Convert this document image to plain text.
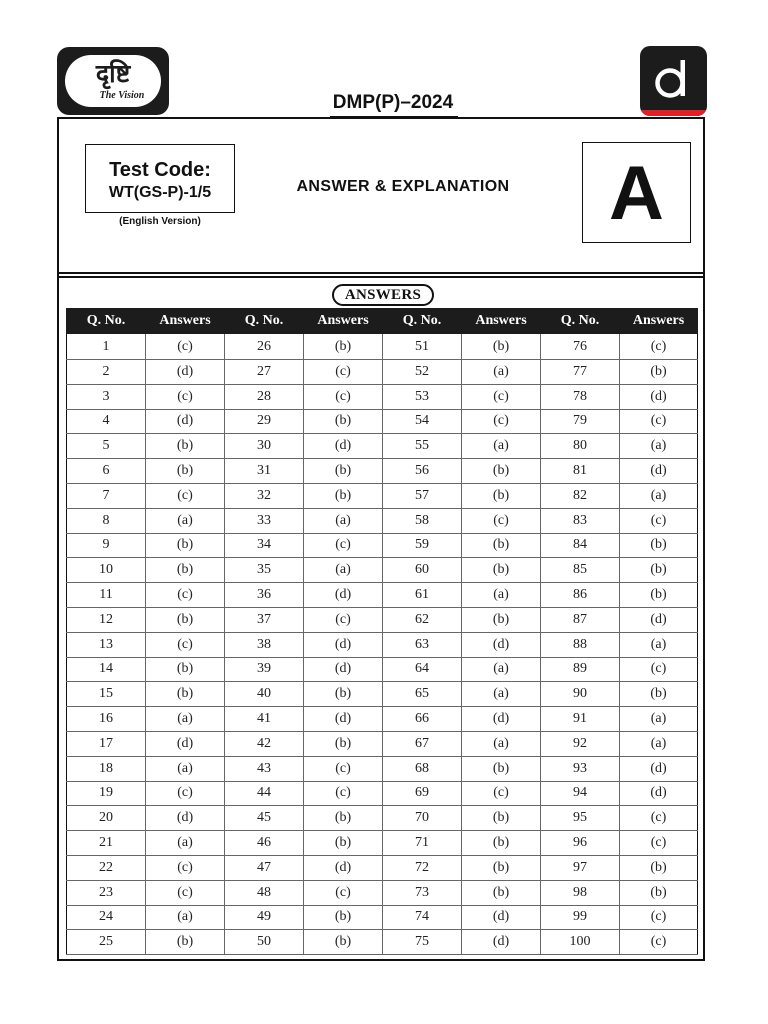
दृष्टि
The Vision	DMP(P)–2024
Test Code:
WT(GS-P)-1/5
(English Version)
ANSWER & EXPLANATION	A
ANSWERS
Q. No.	Answers	Q. No.	Answers	Q. No.	Answers	Q. No.	Answers
1	(c)	26	(b)	51	(b)	76	(c)
2	(d)	27	(c)	52	(a)	77	(b)
3	(c)	28	(c)	53	(c)	78	(d)
4	(d)	29	(b)	54	(c)	79	(c)
5	(b)	30	(d)	55	(a)	80	(a)
6	(b)	31	(b)	56	(b)	81	(d)
7	(c)	32	(b)	57	(b)	82	(a)
8	(a)	33	(a)	58	(c)	83	(c)
9	(b)	34	(c)	59	(b)	84	(b)
10	(b)	35	(a)	60	(b)	85	(b)
11	(c)	36	(d)	61	(a)	86	(b)
12	(b)	37	(c)	62	(b)	87	(d)
13	(c)	38	(d)	63	(d)	88	(a)
14	(b)	39	(d)	64	(a)	89	(c)
15	(b)	40	(b)	65	(a)	90	(b)
16	(a)	41	(d)	66	(d)	91	(a)
17	(d)	42	(b)	67	(a)	92	(a)
18	(a)	43	(c)	68	(b)	93	(d)
19	(c)	44	(c)	69	(c)	94	(d)
20	(d)	45	(b)	70	(b)	95	(c)
21	(a)	46	(b)	71	(b)	96	(c)
22	(c)	47	(d)	72	(b)	97	(b)
23	(c)	48	(c)	73	(b)	98	(b)
24	(a)	49	(b)	74	(d)	99	(c)
25	(b)	50	(b)	75	(d)	100	(c)
